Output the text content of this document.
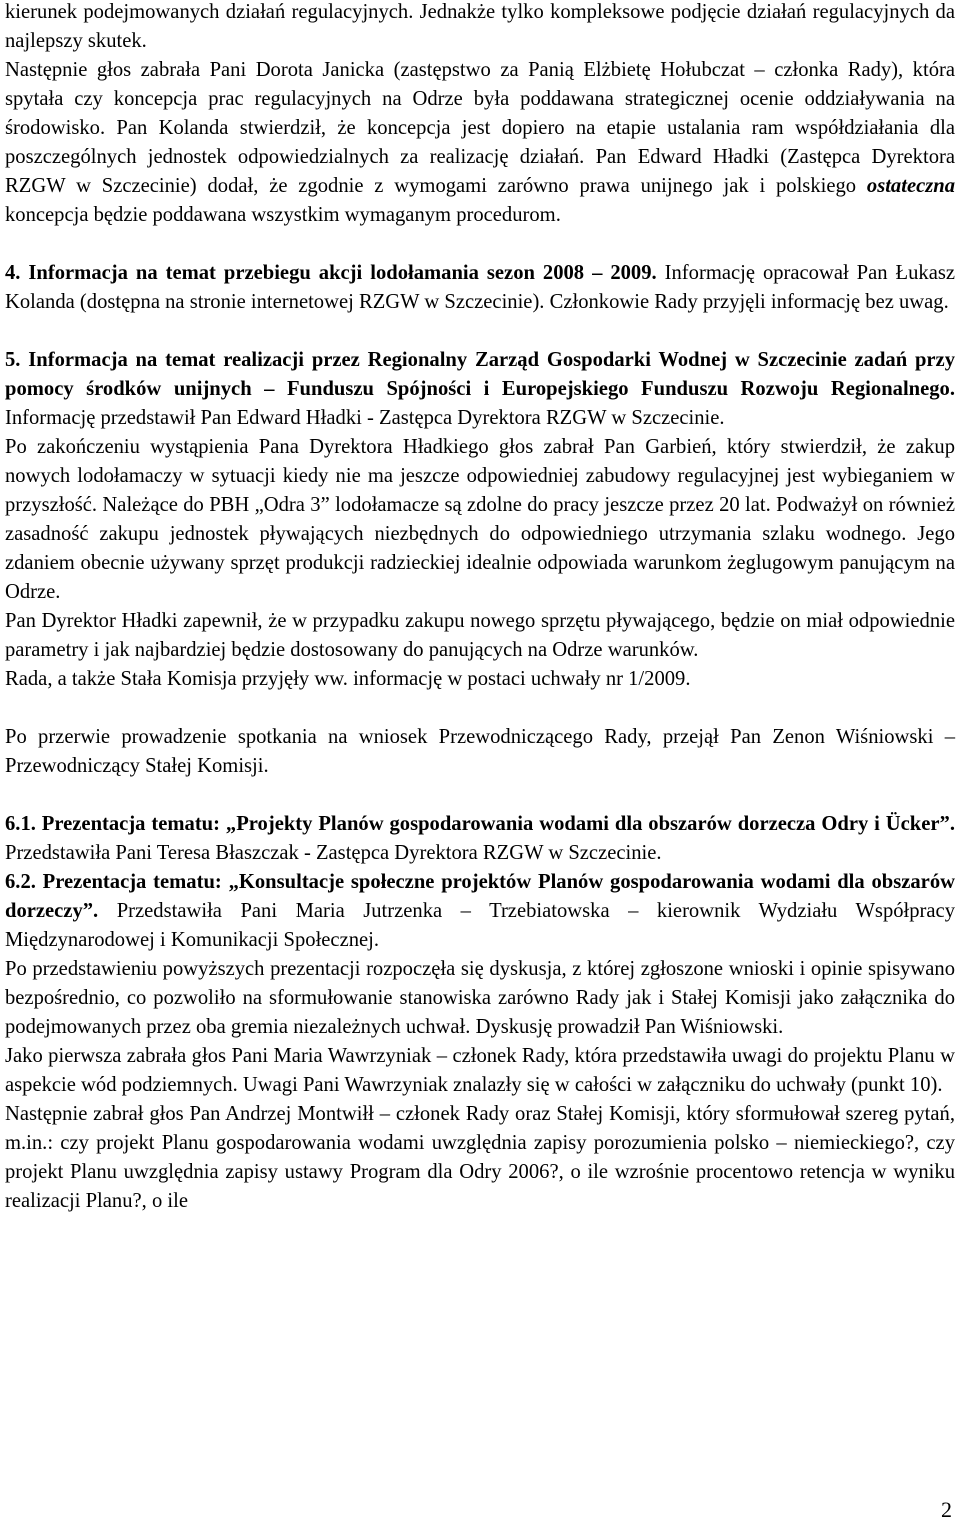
kierunek podejmowanych działań regulacyjnych. Jednakże tylko kompleksowe podjęcie działań regulacyjnych da najlepszy skutek.

Następnie głos zabrała Pani Dorota Janicka (zastępstwo za Panią Elżbietę Hołubczat – członka Rady), która spytała czy koncepcja prac regulacyjnych na Odrze była poddawana strategicznej ocenie oddziaływania na środowisko. Pan Kolanda stwierdził, że koncepcja jest dopiero na etapie ustalania ram współdziałania dla poszczególnych jednostek odpowiedzialnych za realizację działań. Pan Edward Hładki (Zastępca Dyrektora RZGW w Szczecinie) dodał, że zgodnie z wymogami zarówno prawa unijnego jak i polskiego ostateczna koncepcja będzie poddawana wszystkim wymaganym procedurom.

4. Informacja na temat przebiegu akcji lodołamania sezon 2008 – 2009. Informację opracował Pan Łukasz Kolanda (dostępna na stronie internetowej RZGW w Szczecinie). Członkowie Rady przyjęli informację bez uwag.

5. Informacja na temat realizacji przez Regionalny Zarząd Gospodarki Wodnej w Szczecinie zadań przy pomocy środków unijnych – Funduszu Spójności i Europejskiego Funduszu Rozwoju Regionalnego. Informację przedstawił Pan Edward Hładki - Zastępca Dyrektora RZGW w Szczecinie.

Po zakończeniu wystąpienia Pana Dyrektora Hładkiego głos zabrał Pan Garbień, który stwierdził, że zakup nowych lodołamaczy w sytuacji kiedy nie ma jeszcze odpowiedniej zabudowy regulacyjnej jest wybieganiem w przyszłość. Należące do PBH „Odra 3” lodołamacze są zdolne do pracy jeszcze przez 20 lat. Podważył on również zasadność zakupu jednostek pływających niezbędnych do odpowiedniego utrzymania szlaku wodnego. Jego zdaniem obecnie używany sprzęt produkcji radzieckiej idealnie odpowiada warunkom żeglugowym panującym na Odrze.

Pan Dyrektor Hładki zapewnił, że w przypadku zakupu nowego sprzętu pływającego, będzie on miał odpowiednie parametry i jak najbardziej będzie dostosowany do panujących na Odrze warunków.

Rada, a także Stała Komisja przyjęły ww. informację w postaci uchwały nr 1/2009.

Po przerwie prowadzenie spotkania na wniosek Przewodniczącego Rady, przejął Pan Zenon Wiśniowski – Przewodniczący Stałej Komisji.

6.1. Prezentacja tematu: „Projekty Planów gospodarowania wodami dla obszarów dorzecza Odry i Ücker”. Przedstawiła Pani Teresa Błaszczak - Zastępca Dyrektora RZGW w Szczecinie.

6.2. Prezentacja tematu: „Konsultacje społeczne projektów Planów gospodarowania wodami dla obszarów dorzeczy”. Przedstawiła Pani Maria Jutrzenka – Trzebiatowska – kierownik Wydziału Współpracy Międzynarodowej i Komunikacji Społecznej.

Po przedstawieniu powyższych prezentacji rozpoczęła się dyskusja, z której zgłoszone wnioski i opinie spisywano bezpośrednio, co pozwoliło na sformułowanie stanowiska zarówno Rady jak i Stałej Komisji jako załącznika do podejmowanych przez oba gremia niezależnych uchwał. Dyskusję prowadził Pan Wiśniowski.

Jako pierwsza zabrała głos Pani Maria Wawrzyniak – członek Rady, która przedstawiła uwagi do projektu Planu w aspekcie wód podziemnych. Uwagi Pani Wawrzyniak znalazły się w całości w załączniku do uchwały (punkt 10).

Następnie zabrał głos Pan Andrzej Montwiłł – członek Rady oraz Stałej Komisji, który sformułował szereg pytań, m.in.: czy projekt Planu gospodarowania wodami uwzględnia zapisy porozumienia polsko – niemieckiego?, czy projekt Planu uwzględnia zapisy ustawy Program dla Odry 2006?, o ile wzrośnie procentowo retencja w wyniku realizacji Planu?, o ile

2
